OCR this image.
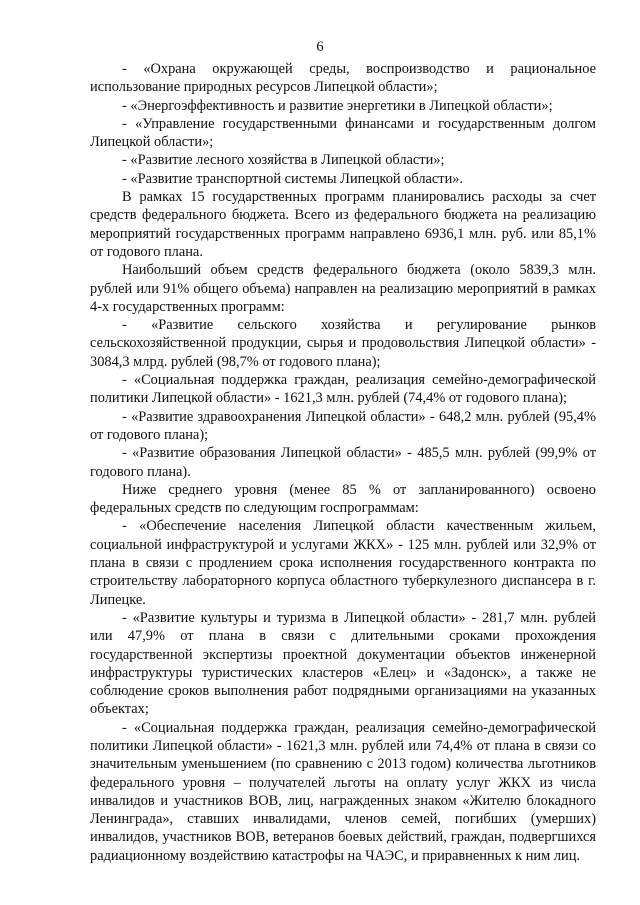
6

- «Охрана окружающей среды, воспроизводство и рациональное использование природных ресурсов Липецкой области»;

- «Энергоэффективность и развитие энергетики в Липецкой области»;

- «Управление государственными финансами и государственным долгом Липецкой области»;

- «Развитие лесного хозяйства в Липецкой области»;

- «Развитие транспортной системы Липецкой области».

В рамках 15 государственных программ планировались расходы за счет средств федерального бюджета. Всего из федерального бюджета на реализацию мероприятий государственных программ направлено 6936,1 млн. руб. или 85,1% от годового плана.

Наибольший объем средств федерального бюджета (около 5839,3 млн. рублей или 91% общего объема) направлен на реализацию мероприятий в рамках 4-х государственных программ:

- «Развитие сельского хозяйства и регулирование рынков сельскохозяйственной продукции, сырья и продовольствия Липецкой области» - 3084,3 млрд. рублей (98,7% от годового плана);

- «Социальная поддержка граждан, реализация семейно-демографической политики Липецкой области» - 1621,3 млн. рублей (74,4% от годового плана);

- «Развитие здравоохранения Липецкой области» - 648,2 млн. рублей (95,4% от годового плана);

- «Развитие образования Липецкой области» - 485,5 млн. рублей (99,9% от годового плана).

Ниже среднего уровня (менее 85 % от запланированного) освоено федеральных средств по следующим госпрограммам:

- «Обеспечение населения Липецкой области качественным жильем, социальной инфраструктурой и услугами ЖКХ» - 125 млн. рублей или 32,9% от плана в связи с продлением срока исполнения государственного контракта по строительству лабораторного корпуса областного туберкулезного диспансера в г. Липецке.

- «Развитие культуры и туризма в Липецкой области» - 281,7 млн. рублей или 47,9% от плана в связи с длительными сроками прохождения государственной экспертизы проектной документации объектов инженерной инфраструктуры туристических кластеров «Елец» и «Задонск», а также не соблюдение сроков выполнения работ подрядными организациями на указанных объектах;

- «Социальная поддержка граждан, реализация семейно-демографической политики Липецкой области» - 1621,3 млн. рублей или 74,4% от плана в связи со значительным уменьшением (по сравнению с 2013 годом) количества льготников федерального уровня – получателей льготы на оплату услуг ЖКХ из числа инвалидов и участников ВОВ, лиц, награжденных знаком «Жителю блокадного Ленинграда», ставших инвалидами, членов семей, погибших (умерших) инвалидов, участников ВОВ, ветеранов боевых действий, граждан, подвергшихся радиационному воздействию катастрофы на ЧАЭС, и приравненных к ним лиц.
